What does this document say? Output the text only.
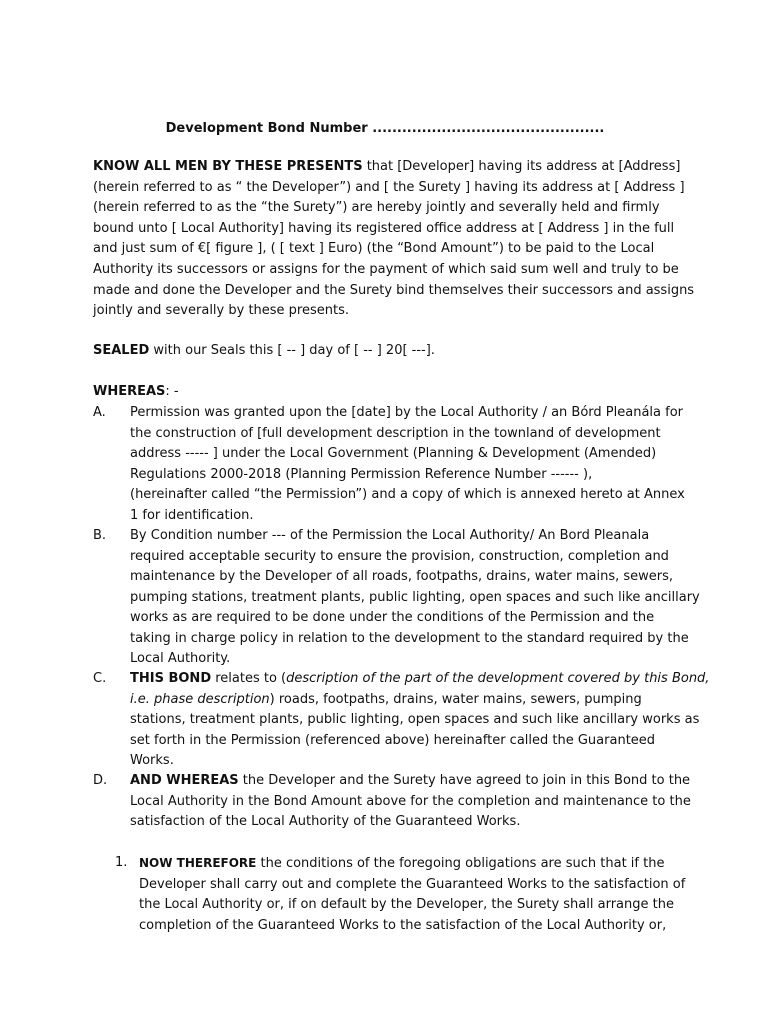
Development Bond Number ...............................................
KNOW ALL MEN BY THESE PRESENTS that [Developer] having its address at [Address]
(herein referred to as “ the Developer”) and [ the Surety ] having its address at [ Address ]
(herein referred to as the “the Surety”) are hereby jointly and severally held and firmly
bound unto [ Local Authority] having its registered office address at [ Address ] in the full
and just sum of €[ figure ], ( [ text ] Euro) (the “Bond Amount”) to be paid to the Local
Authority its successors or assigns for the payment of which said sum well and truly to be
made and done the Developer and the Surety bind themselves their successors and assigns
jointly and severally by these presents.
SEALED with our Seals this [ -- ] day of [ -- ] 20[ ---].
WHEREAS: -
A. Permission was granted upon the [date] by the Local Authority / an Bórd Pleanála for
the construction of [full development description in the townland of development
address ----- ] under the Local Government (Planning & Development (Amended)
Regulations 2000-2018 (Planning Permission Reference Number ------ ),
(hereinafter called “the Permission”) and a copy of which is annexed hereto at Annex
1 for identification.
B. By Condition number --- of the Permission the Local Authority/ An Bord Pleanala
required acceptable security to ensure the provision, construction, completion and
maintenance by the Developer of all roads, footpaths, drains, water mains, sewers,
pumping stations, treatment plants, public lighting, open spaces and such like ancillary
works as are required to be done under the conditions of the Permission and the
taking in charge policy in relation to the development to the standard required by the
Local Authority.
C. THIS BOND relates to (description of the part of the development covered by this Bond,
i.e. phase description) roads, footpaths, drains, water mains, sewers, pumping
stations, treatment plants, public lighting, open spaces and such like ancillary works as
set forth in the Permission (referenced above) hereinafter called the Guaranteed
Works.
D. AND WHEREAS the Developer and the Surety have agreed to join in this Bond to the
Local Authority in the Bond Amount above for the completion and maintenance to the
satisfaction of the Local Authority of the Guaranteed Works.
1. NOW THEREFORE the conditions of the foregoing obligations are such that if the
Developer shall carry out and complete the Guaranteed Works to the satisfaction of
the Local Authority or, if on default by the Developer, the Surety shall arrange the
completion of the Guaranteed Works to the satisfaction of the Local Authority or,
